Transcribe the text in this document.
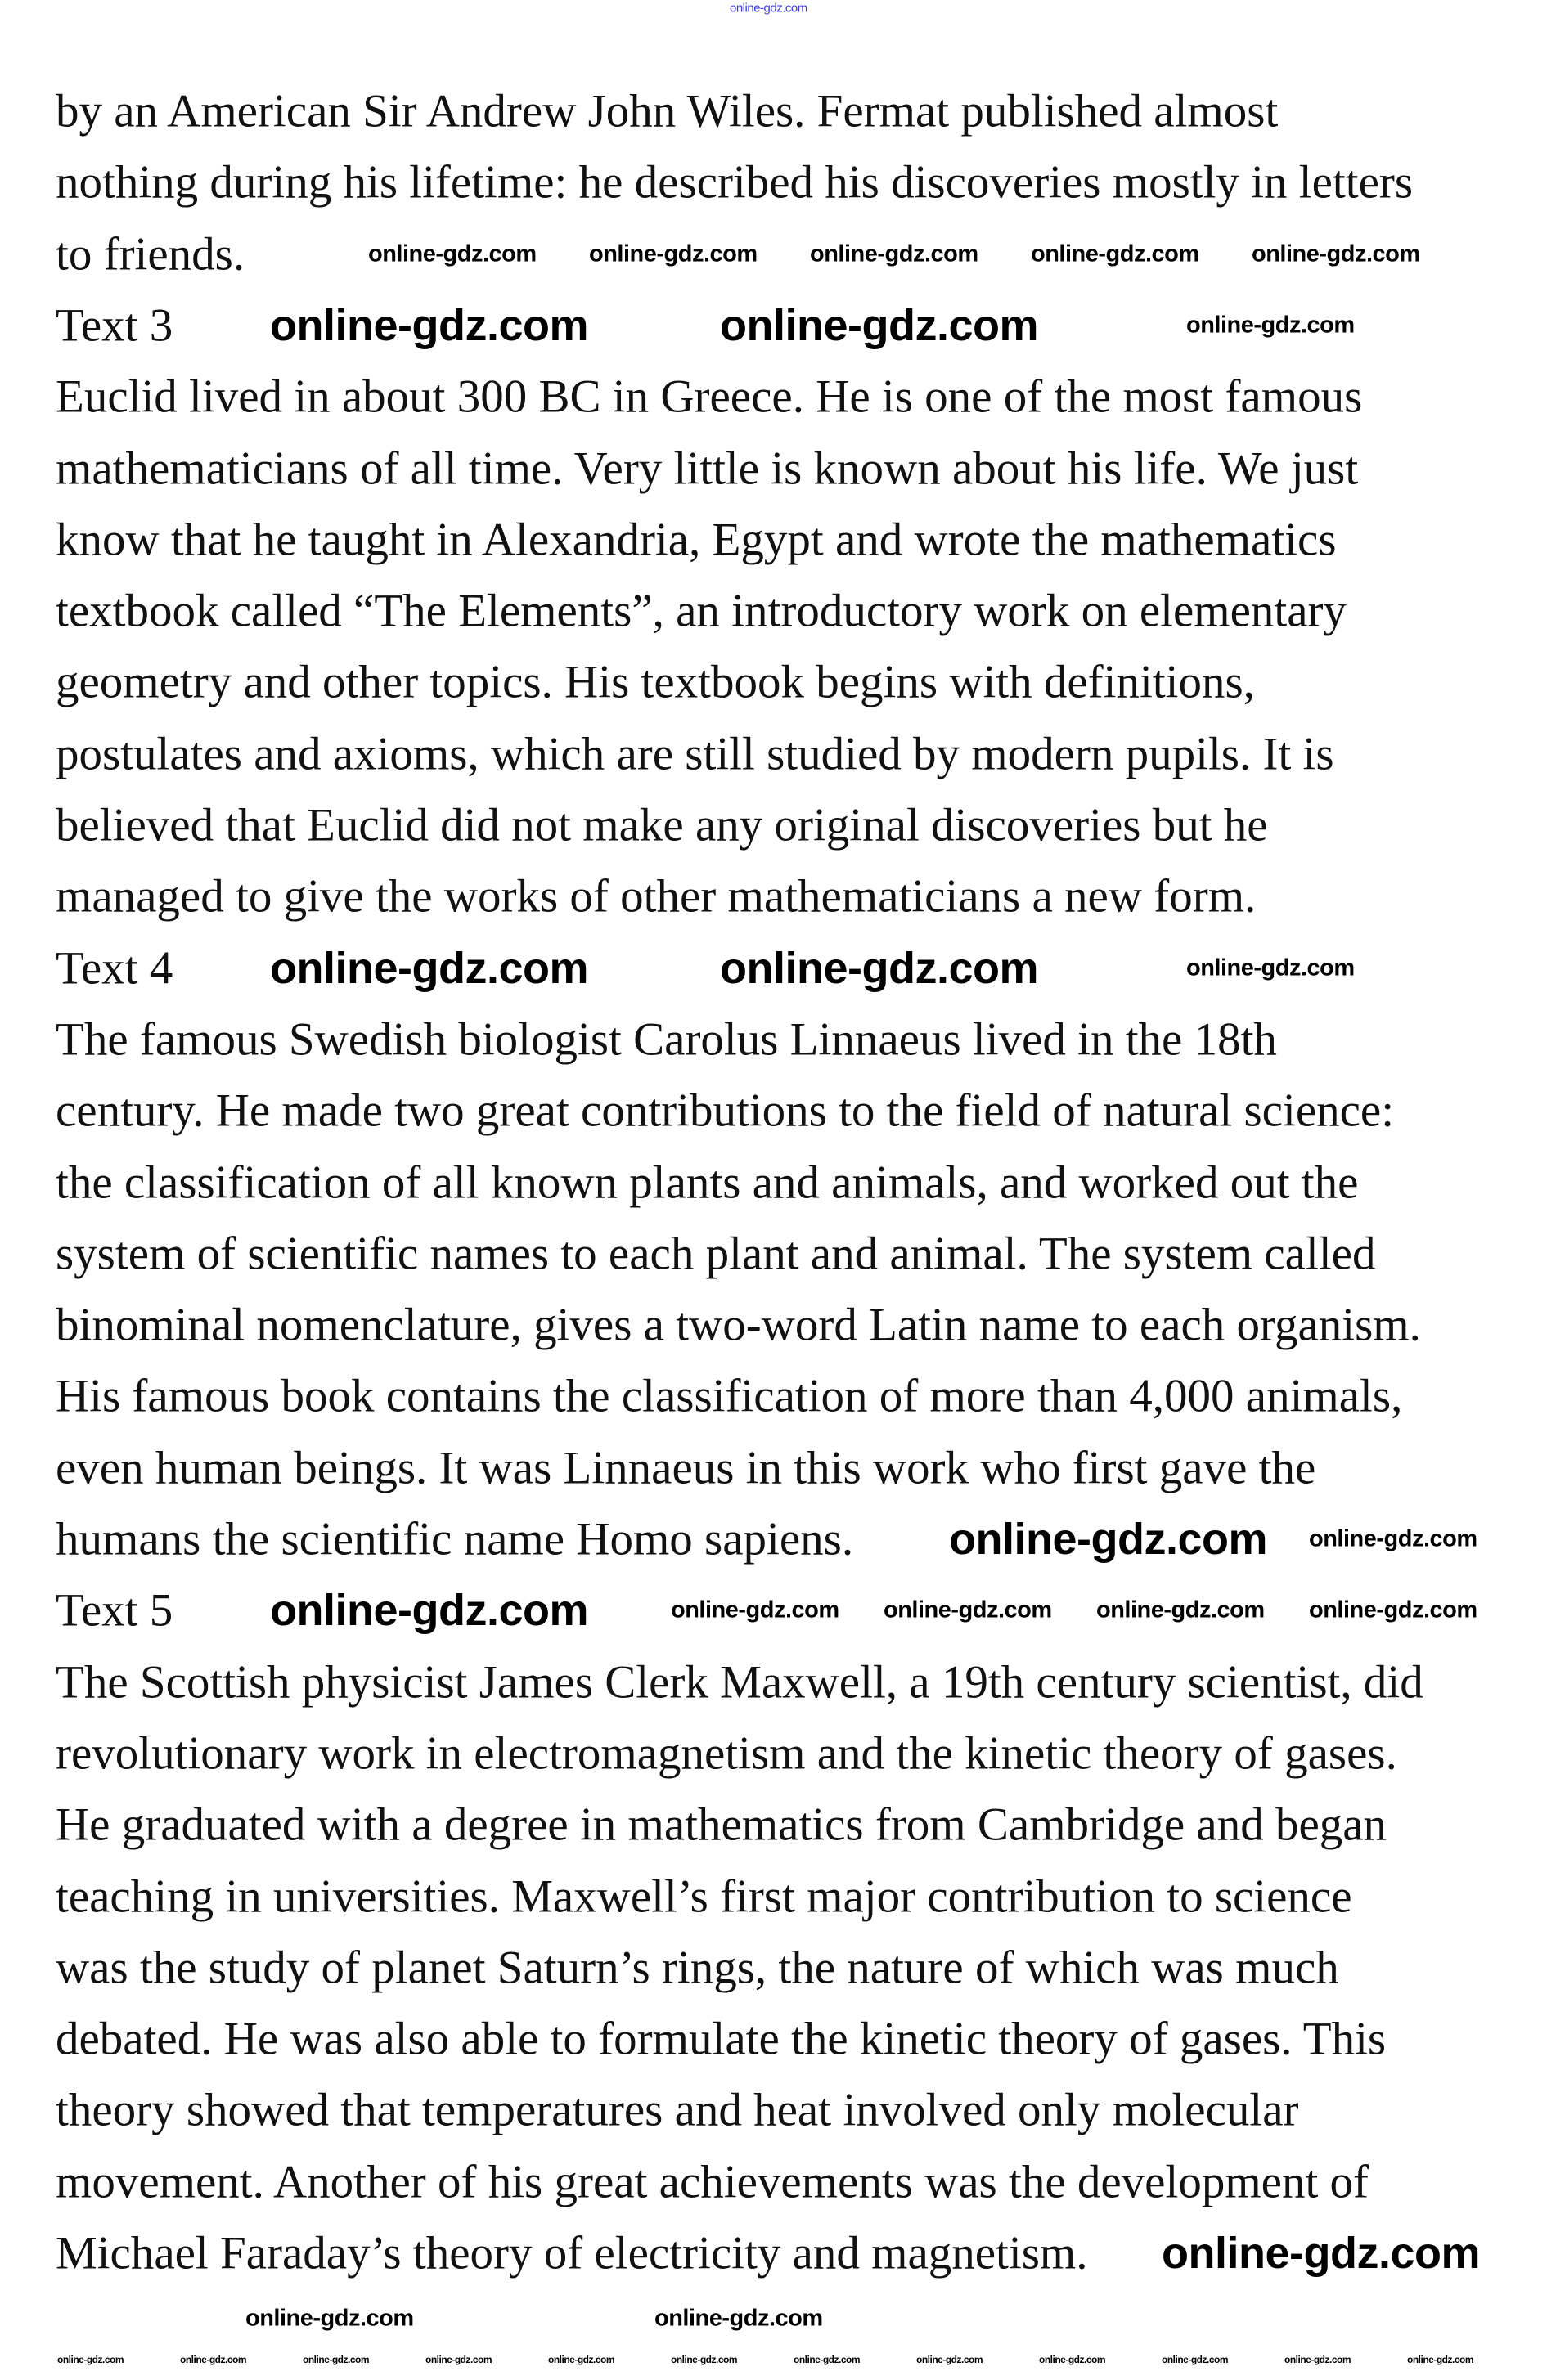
by an American Sir Andrew John Wiles. Fermat published almost
nothing during his lifetime: he described his discoveries mostly in letters
to friends.
Text 3
Euclid lived in about 300 BC in Greece. He is one of the most famous
mathematicians of all time. Very little is known about his life. We just
know that he taught in Alexandria, Egypt and wrote the mathematics
textbook called “The Elements”, an introductory work on elementary
geometry and other topics. His textbook begins with definitions,
postulates and axioms, which are still studied by modern pupils. It is
believed that Euclid did not make any original discoveries but he
managed to give the works of other mathematicians a new form.
Text 4
The famous Swedish biologist Carolus Linnaeus lived in the 18th
century. He made two great contributions to the field of natural science:
the classification of all known plants and animals, and worked out the
system of scientific names to each plant and animal. The system called
binominal nomenclature, gives a two-word Latin name to each organism.
His famous book contains the classification of more than 4,000 animals,
even human beings. It was Linnaeus in this work who first gave the
humans the scientific name Homo sapiens.
Text 5
The Scottish physicist James Clerk Maxwell, a 19th century scientist, did
revolutionary work in electromagnetism and the kinetic theory of gases.
He graduated with a degree in mathematics from Cambridge and began
teaching in universities. Maxwell’s first major contribution to science
was the study of planet Saturn’s rings, the nature of which was much
debated. He was also able to formulate the kinetic theory of gases. This
theory showed that temperatures and heat involved only molecular
movement. Another of his great achievements was the development of
Michael Faraday’s theory of electricity and magnetism.
online-gdz.com
online-gdz.com online-gdz.com online-gdz.com online-gdz.com online-gdz.com
online-gdz.com	online-gdz.com	online-gdz.com
online-gdz.com	online-gdz.com	online-gdz.com
online-gdz.com online-gdz.com
online-gdz.com	online-gdz.com online-gdz.com online-gdz.com online-gdz.com
online-gdz.com
online-gdz.com	online-gdz.com
online-gdz.com	online-gdz.com	online-gdz.com	online-gdz.com	online-gdz.com	online-gdz.com	online-gdz.com	online-gdz.com	online-gdz.com	online-gdz.com	online-gdz.com	online-gdz.com
